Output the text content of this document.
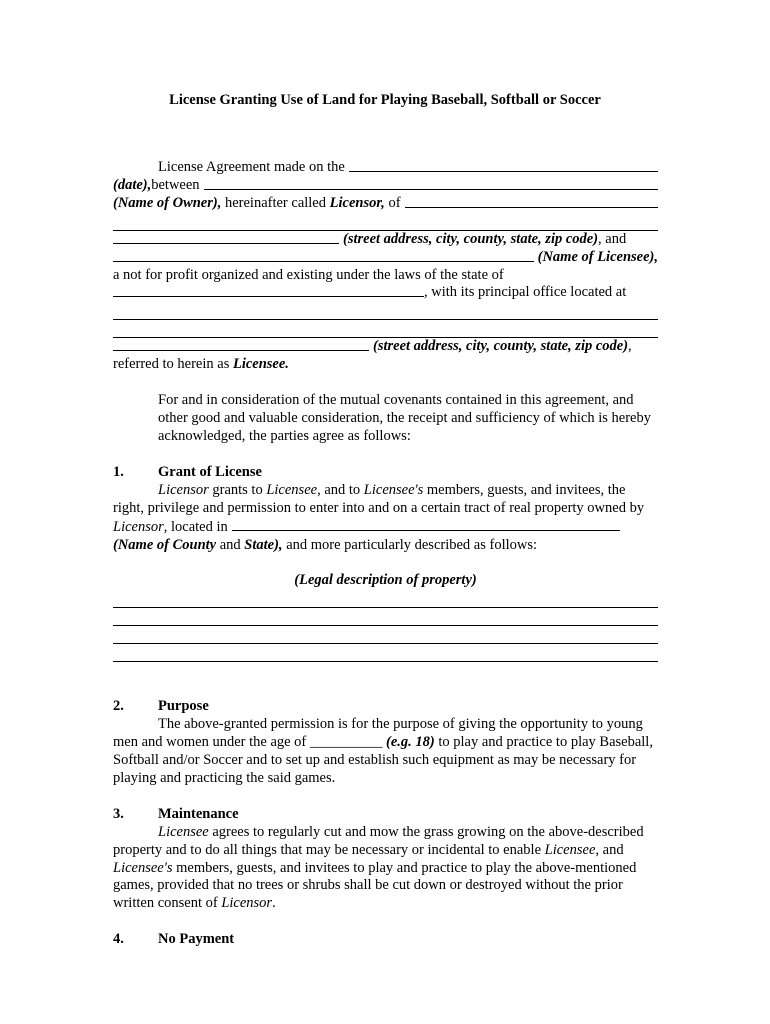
License Granting Use of Land for Playing Baseball, Softball or Soccer

License Agreement made on the

(date), between

(Name of Owner), hereinafter called Licensor, of

(street address, city, county, state, zip code) , and

(Name of Licensee),

a not for profit organized and existing under the laws of the state of

, with its principal office located at

(street address, city, county, state, zip code) ,

referred to herein as Licensee.

For and in consideration of the mutual covenants contained in this agreement, and other good and valuable consideration, the receipt and sufficiency of which is hereby acknowledged, the parties agree as follows:

1. Grant of License

Licensor grants to Licensee, and to Licensee's members, guests, and invitees, the right, privilege and permission to enter into and on a certain tract of real property owned by Licensor, located in

(Name of County and State), and more particularly described as follows:

(Legal description of property)

2. Purpose

The above-granted permission is for the purpose of giving the opportunity to young men and women under the age of __________ (e.g. 18) to play and practice to play Baseball, Softball and/or Soccer and to set up and establish such equipment as may be necessary for playing and practicing the said games.

3. Maintenance

Licensee agrees to regularly cut and mow the grass growing on the above-described property and to do all things that may be necessary or incidental to enable Licensee, and Licensee's members, guests, and invitees to play and practice to play the above-mentioned games, provided that no trees or shrubs shall be cut down or destroyed without the prior written consent of Licensor.

4. No Payment
